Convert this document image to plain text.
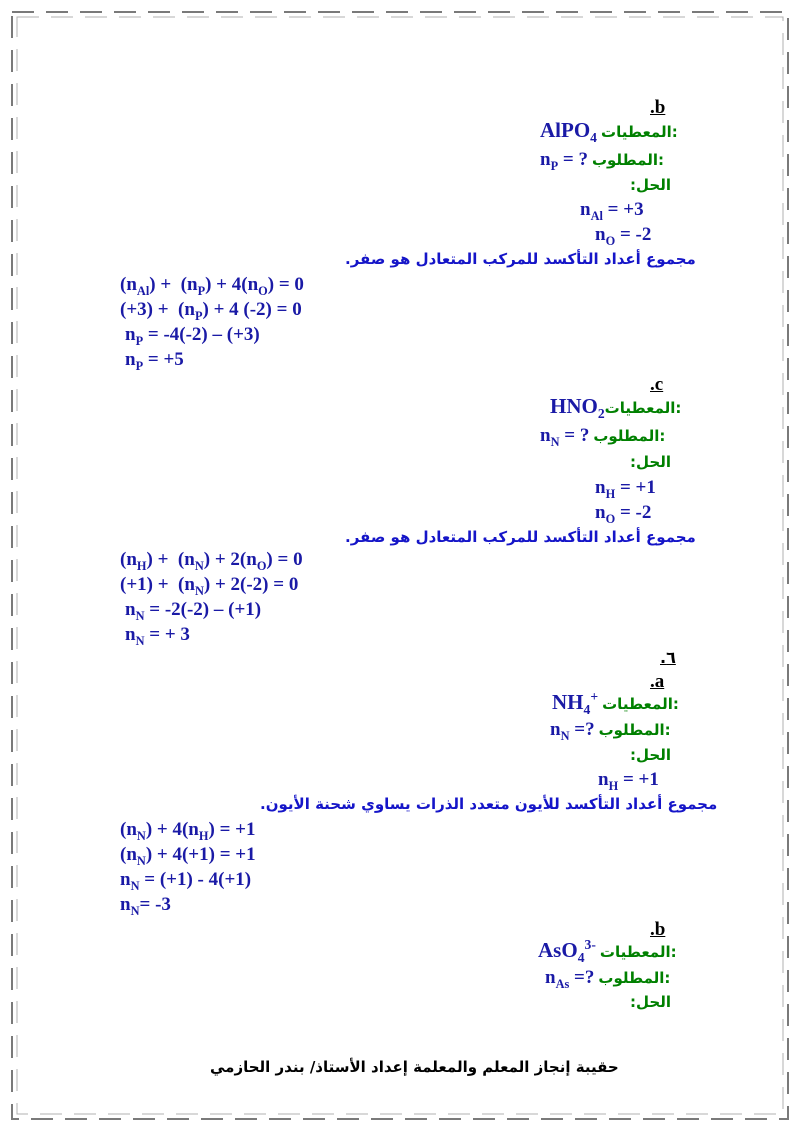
.b
AlPO$_4$ المعطيات:
$n_P$ = ? المطلوب:
الحل:
$n_{Al} = +3$
$n_O = -2$
مجموع أعداد التأكسد للمركب المتعادل هو صفر.
$(n_{Al}) + (n_P) + 4(n_O) = 0$
$(+3) + (n_P) + 4$ (-2) = 0
$n_P = -4(-2) - (+3)$
$n_P = +5$
.c
$HNO_2المعطيات$:
$n_N$ = ? المطلوب:
الحل:
$n_H = +1$
$n_O = -2$
مجموع أعداد التأكسد للمركب المتعادل هو صفر.
$(n_H) + (n_N) + 2(n_O) = 0$
$(+1) + (n_N) + 2(-2) = 0$
$n_N = -2(-2) - (+1)$
$n_N$ = + 3
.٦
.a
$NH_4^+$ المعطيات:
$n_N$ =? المطلوب:
الحل:
$n_H = +1$
مجموع أعداد التأكسد للأيون متعدد الذرات يساوي شحنة الأيون.
$(n_N) + 4(n_H) = +1$
$(n_N) + 4(+1) = +1$
$n_N = (+1) - 4(+1)$
$n_N= -3$
.b
AsO$_4^{3-}$ المعطيات:
$n_{As}$ =? المطلوب:
الحل:
حقيبة إنجاز المعلم والمعلمة إعداد الأستاذ/ بندر الحازمي
